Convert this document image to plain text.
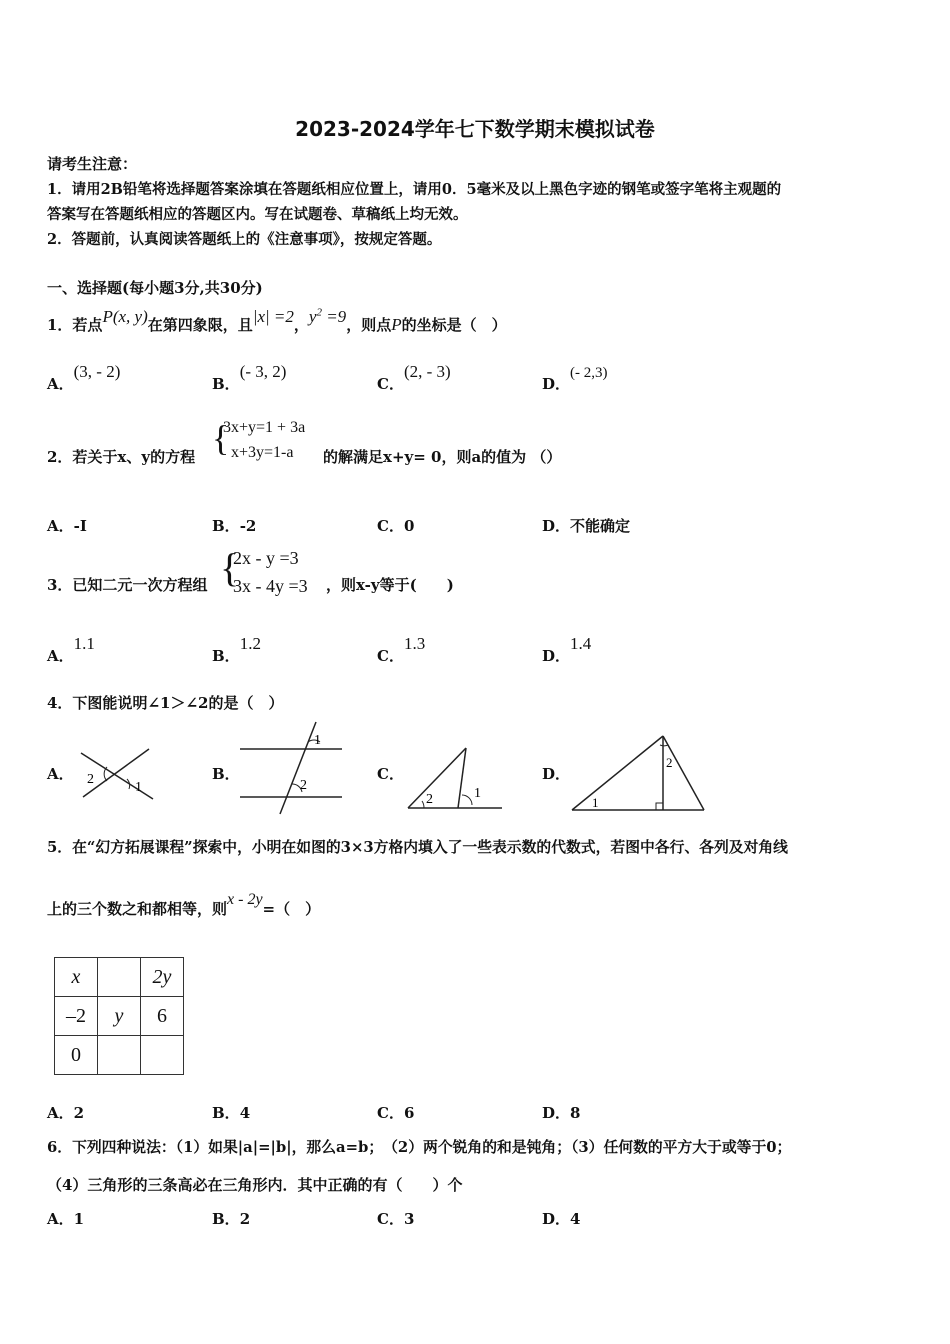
2023-2024学年七下数学期末模拟试卷
请考生注意：
1．请用2B铅笔将选择题答案涂填在答题纸相应位置上，请用0．5毫米及以上黑色字迹的钢笔或签字笔将主观题的
答案写在答题纸相应的答题区内。写在试题卷、草稿纸上均无效。
2．答题前，认真阅读答题纸上的《注意事项》，按规定答题。
一、选择题(每小题3分,共30分)
1．若点P(x, y)在第四象限，且|x| =2，$y^2 =9$，则点P的坐标是（　）
A．(3, - 2)
B．(- 3, 2)
C．(2, - 3)
D．(- 2,3)
2．若关于x、y的方程 {
3x+y=1 + 3a
x+3y=1-a 的解满足x+y= 0，则a的值为 （）
A．-I	B．-2	C．0	D．不能确定
3．已知二元一次方程组 {
2x - y =3
3x - 4y =3 ，则x-y等于(　　)
A．1.1
B．1.2
C．1.3
D．1.4
4．下图能说明∠1＞∠2的是（　）
A． 2
1
B．
1
2
C．
2	1
D．
2
1
5．在“幻方拓展课程”探索中，小明在如图的3×3方格内填入了一些表示数的代数式，若图中各行、各列及对角线
上的三个数之和都相等，则x - 2y=（　）
x		2y
–2	y	6
0		
A．2	B．4	C．6	D．8
6．下列四种说法：（1）如果|a|=|b|，那么a=b；　（2）两个锐角的和是钝角；（3）任何数的平方大于或等于0；
（4）三角形的三条高必在三角形内．其中正确的有（　　）个
A．1	B．2	C．3	D．4
